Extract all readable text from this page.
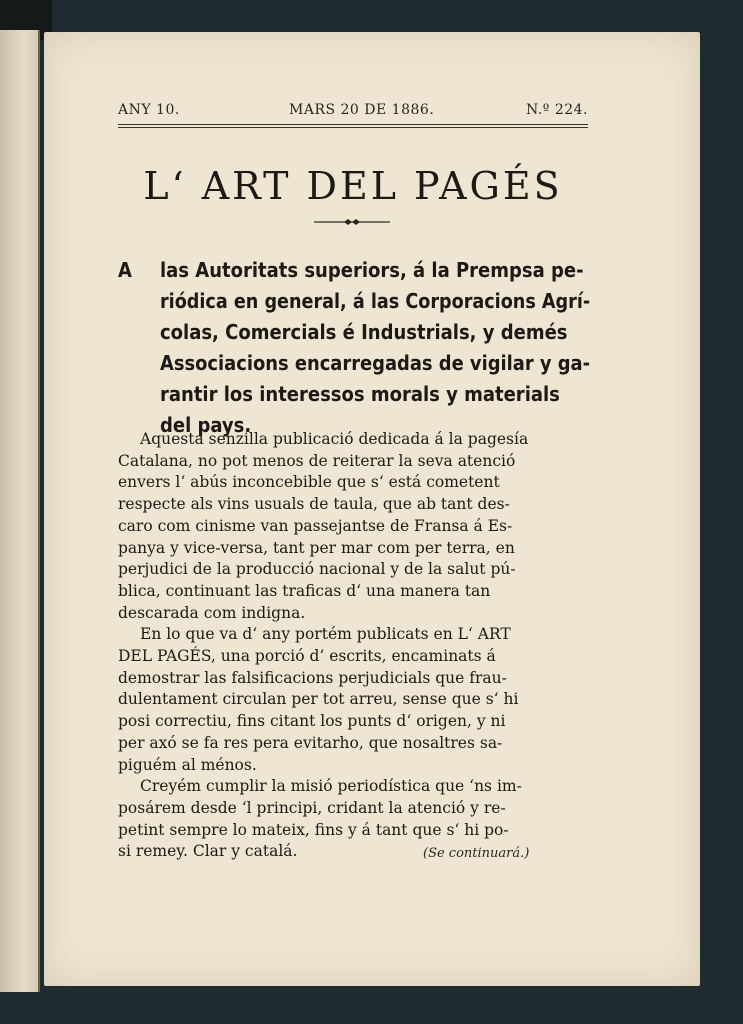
ANY 10.	MARS 20 DE 1886.	N.º 224.
L‘ ART DEL PAGÉS
A las Autoritats superiors, á la Prempsa pe-
riódica en general, á las Corporacions Agrí-
colas, Comercials é Industrials, y demés
Associacions encarregadas de vigilar y ga-
rantir los interessos morals y materials
del pays.
Aquesta senzilla publicació dedicada á la pagesía
Catalana, no pot menos de reiterar la seva atenció
envers l‘ abús inconcebible que s‘ está cometent
respecte als vins usuals de taula, que ab tant des-
caro com cinisme van passejantse de Fransa á Es-
panya y vice-versa, tant per mar com per terra, en
perjudici de la producció nacional y de la salut pú-
blica, continuant las traficas d‘ una manera tan
descarada com indigna.
En lo que va d‘ any portém publicats en L‘ ART
DEL PAGÉS, una porció d‘ escrits, encaminats á
demostrar las falsificacions perjudicials que frau-
dulentament circulan per tot arreu, sense que s‘ hi
posi correctiu, fins citant los punts d‘ origen, y ni
per axó se fa res pera evitarho, que nosaltres sa-
piguém al ménos.
Creyém cumplir la misió periodística que ‘ns im-
posárem desde ‘l principi, cridant la atenció y re-
petint sempre lo mateix, fins y á tant que s‘ hi po-
si remey. Clar y catalá.	(Se continuará.)
